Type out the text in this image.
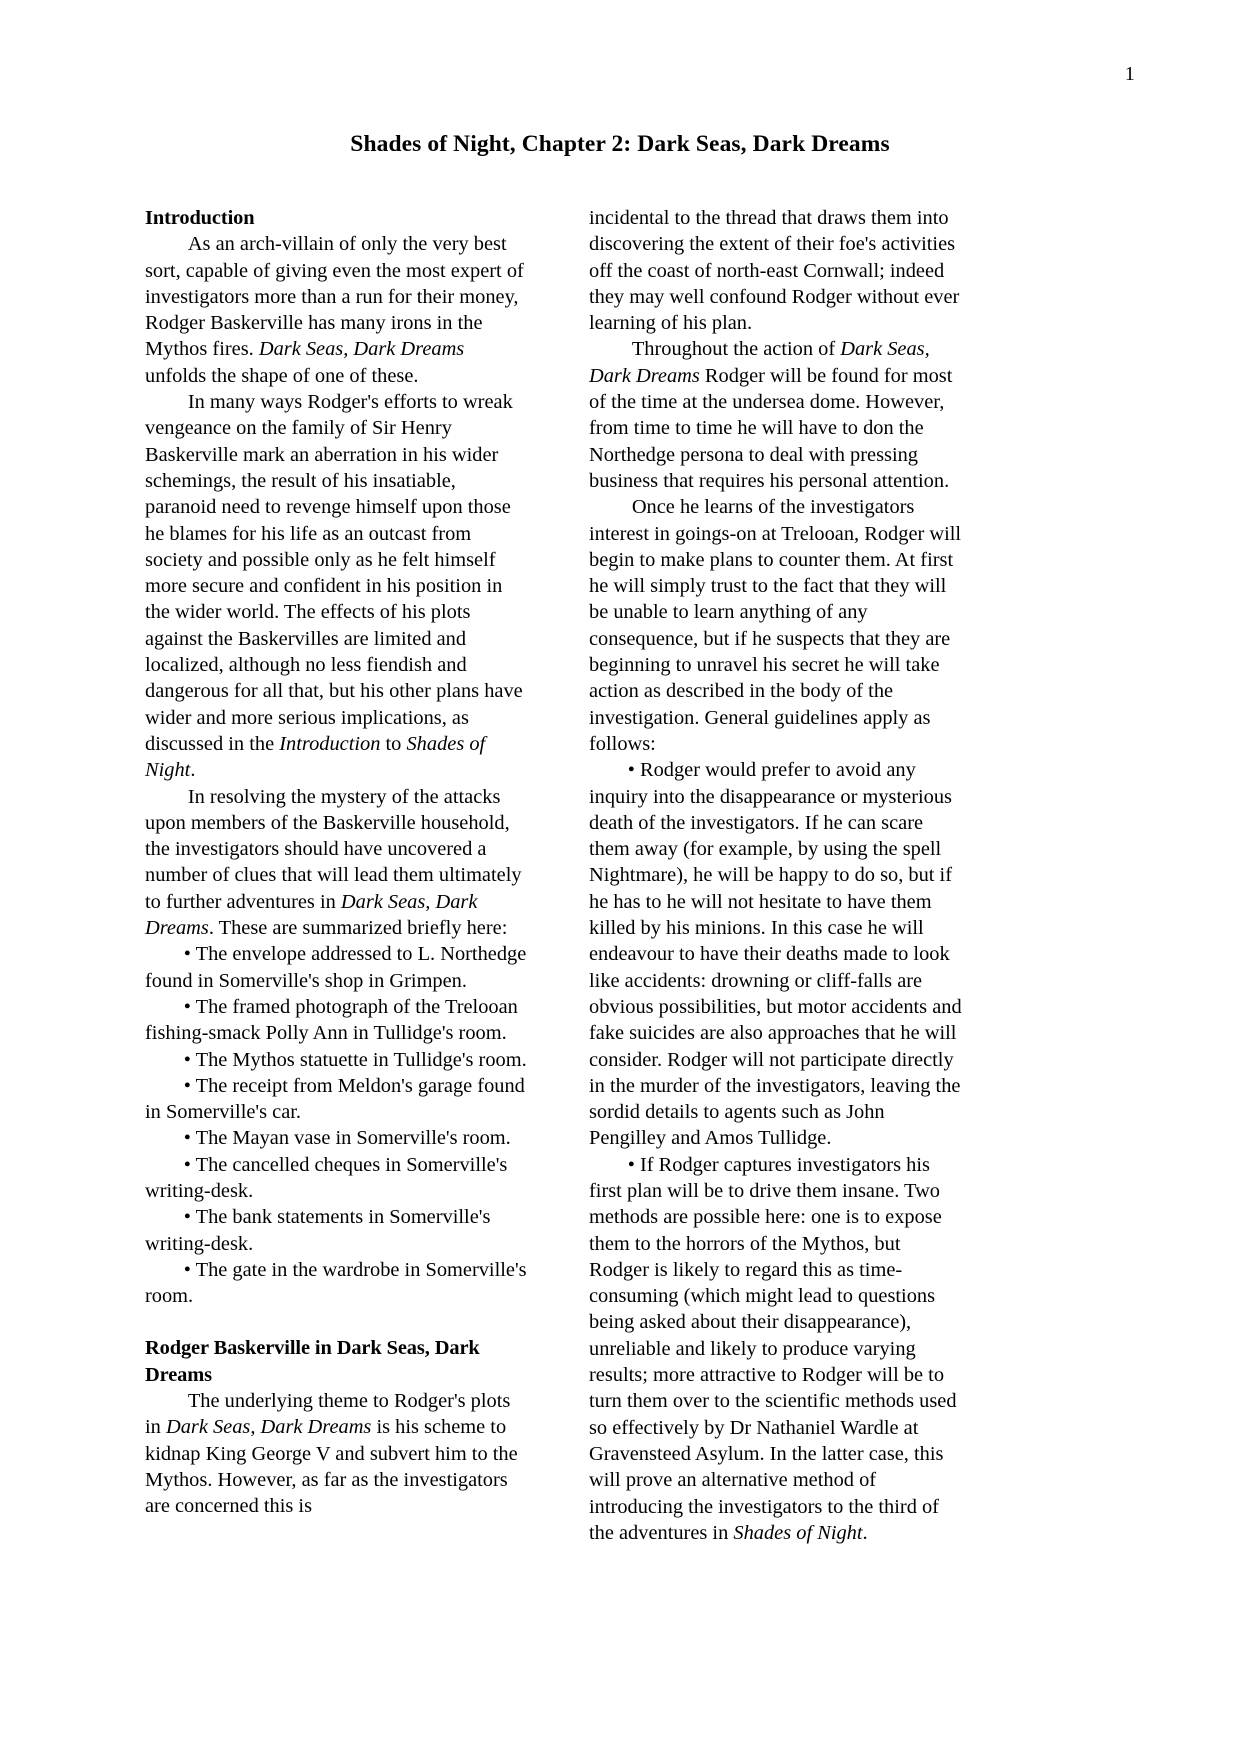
1
Shades of Night, Chapter 2: Dark Seas, Dark Dreams
Introduction

As an arch-villain of only the very best sort, capable of giving even the most expert of investigators more than a run for their money, Rodger Baskerville has many irons in the Mythos fires. Dark Seas, Dark Dreams unfolds the shape of one of these.

In many ways Rodger's efforts to wreak vengeance on the family of Sir Henry Baskerville mark an aberration in his wider schemings, the result of his insatiable, paranoid need to revenge himself upon those he blames for his life as an outcast from society and possible only as he felt himself more secure and confident in his position in the wider world. The effects of his plots against the Baskervilles are limited and localized, although no less fiendish and dangerous for all that, but his other plans have wider and more serious implications, as discussed in the Introduction to Shades of Night.

In resolving the mystery of the attacks upon members of the Baskerville household, the investigators should have uncovered a number of clues that will lead them ultimately to further adventures in Dark Seas, Dark Dreams. These are summarized briefly here:

• The envelope addressed to L. Northedge found in Somerville's shop in Grimpen.

• The framed photograph of the Trelooan fishing-smack Polly Ann in Tullidge's room.

• The Mythos statuette in Tullidge's room.

• The receipt from Meldon's garage found in Somerville's car.

• The Mayan vase in Somerville's room.

• The cancelled cheques in Somerville's writing-desk.

• The bank statements in Somerville's writing-desk.

• The gate in the wardrobe in Somerville's room.

Rodger Baskerville in Dark Seas, Dark Dreams

The underlying theme to Rodger's plots in Dark Seas, Dark Dreams is his scheme to kidnap King George V and subvert him to the Mythos. However, as far as the investigators are concerned this is

incidental to the thread that draws them into discovering the extent of their foe's activities off the coast of north-east Cornwall; indeed they may well confound Rodger without ever learning of his plan.

Throughout the action of Dark Seas, Dark Dreams Rodger will be found for most of the time at the undersea dome. However, from time to time he will have to don the Northedge persona to deal with pressing business that requires his personal attention.

Once he learns of the investigators interest in goings-on at Trelooan, Rodger will begin to make plans to counter them. At first he will simply trust to the fact that they will be unable to learn anything of any consequence, but if he suspects that they are beginning to unravel his secret he will take action as described in the body of the investigation. General guidelines apply as follows:

• Rodger would prefer to avoid any inquiry into the disappearance or mysterious death of the investigators. If he can scare them away (for example, by using the spell Nightmare), he will be happy to do so, but if he has to he will not hesitate to have them killed by his minions. In this case he will endeavour to have their deaths made to look like accidents: drowning or cliff-falls are obvious possibilities, but motor accidents and fake suicides are also approaches that he will consider. Rodger will not participate directly in the murder of the investigators, leaving the sordid details to agents such as John Pengilley and Amos Tullidge.

• If Rodger captures investigators his first plan will be to drive them insane. Two methods are possible here: one is to expose them to the horrors of the Mythos, but Rodger is likely to regard this as time-consuming (which might lead to questions being asked about their disappearance), unreliable and likely to produce varying results; more attractive to Rodger will be to turn them over to the scientific methods used so effectively by Dr Nathaniel Wardle at Gravensteed Asylum. In the latter case, this will prove an alternative method of introducing the investigators to the third of the adventures in Shades of Night.
